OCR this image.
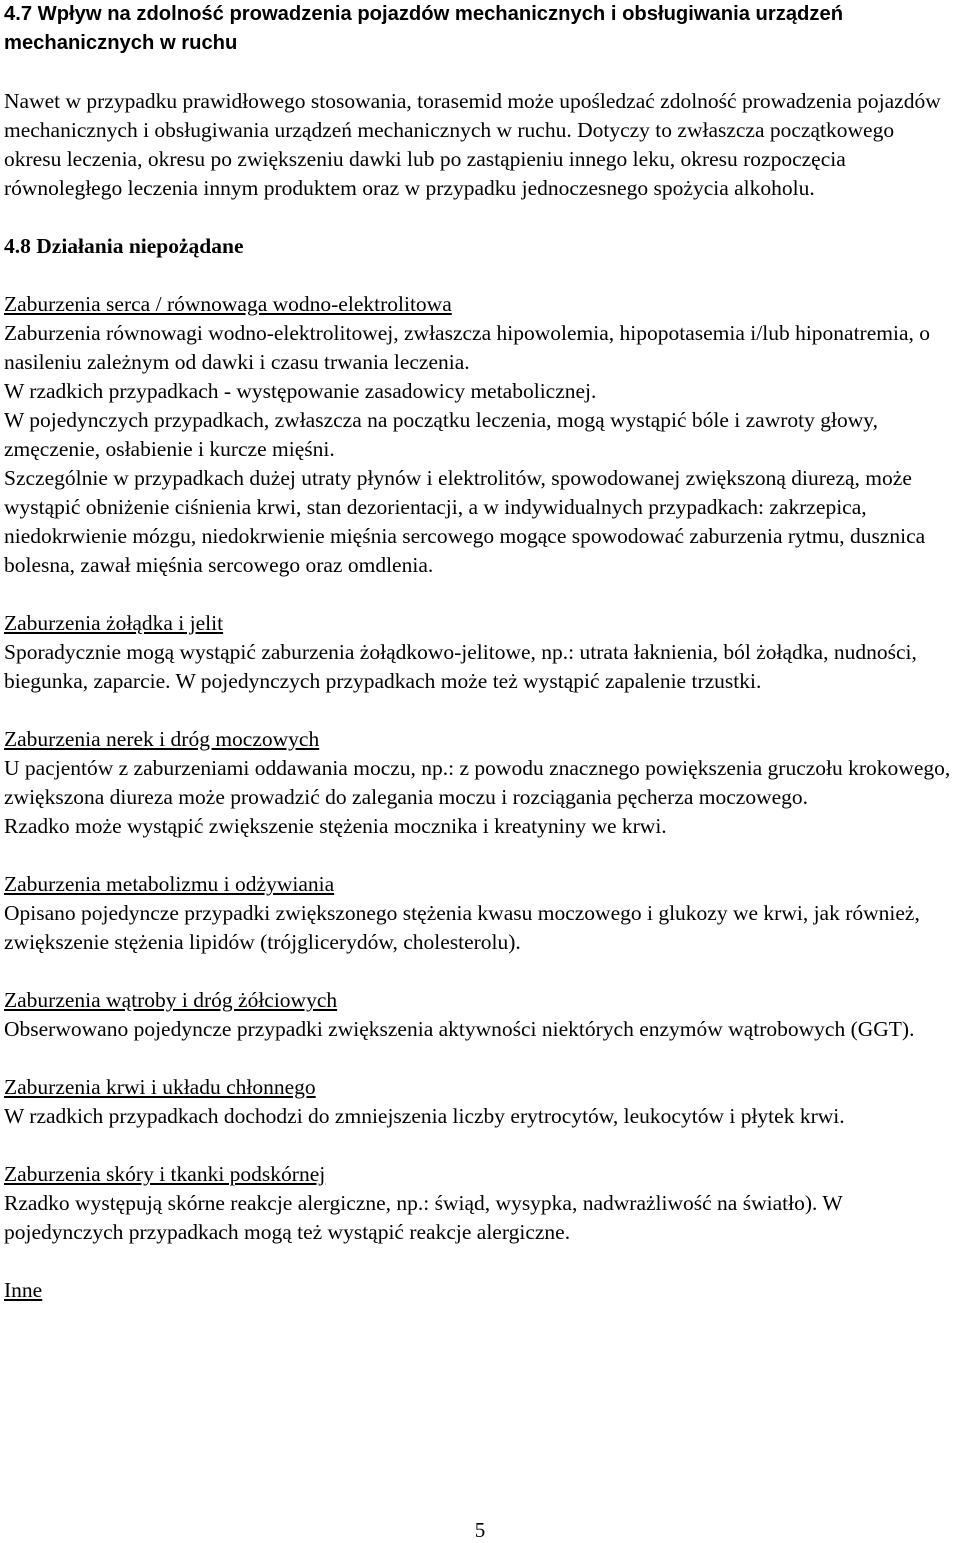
4.7 Wpływ na zdolność prowadzenia pojazdów mechanicznych i obsługiwania urządzeń mechanicznych w ruchu
Nawet w przypadku prawidłowego stosowania, torasemid może upośledzać zdolność prowadzenia pojazdów mechanicznych i obsługiwania urządzeń mechanicznych w ruchu. Dotyczy to zwłaszcza początkowego okresu leczenia, okresu po zwiększeniu dawki lub po zastąpieniu innego leku, okresu rozpoczęcia równoległego leczenia innym produktem oraz w przypadku jednoczesnego spożycia alkoholu.
4.8 Działania niepożądane
Zaburzenia serca / równowaga wodno-elektrolitowa
Zaburzenia równowagi wodno-elektrolitowej, zwłaszcza hipowolemia, hipopotasemia i/lub hiponatremia, o nasileniu zależnym od dawki i czasu trwania leczenia.
W rzadkich przypadkach - występowanie zasadowicy metabolicznej.
W pojedynczych przypadkach, zwłaszcza na początku leczenia, mogą wystąpić bóle i zawroty głowy, zmęczenie, osłabienie i kurcze mięśni.
Szczególnie w przypadkach dużej utraty płynów i elektrolitów, spowodowanej zwiększoną diurezą, może wystąpić obniżenie ciśnienia krwi, stan dezorientacji, a w indywidualnych przypadkach: zakrzepica, niedokrwienie mózgu, niedokrwienie mięśnia sercowego mogące spowodować zaburzenia rytmu, dusznica bolesna, zawał mięśnia sercowego oraz omdlenia.
Zaburzenia żołądka i jelit
Sporadycznie mogą wystąpić zaburzenia żołądkowo-jelitowe, np.: utrata łaknienia, ból żołądka, nudności, biegunka, zaparcie. W pojedynczych przypadkach może też wystąpić zapalenie trzustki.
Zaburzenia nerek i dróg moczowych
U pacjentów z zaburzeniami oddawania moczu, np.: z powodu znacznego powiększenia gruczołu krokowego, zwiększona diureza może prowadzić do zalegania moczu i rozciągania pęcherza moczowego.
Rzadko może wystąpić zwiększenie stężenia mocznika i kreatyniny we krwi.
Zaburzenia metabolizmu i odżywiania
Opisano pojedyncze przypadki zwiększonego stężenia kwasu moczowego i glukozy we krwi, jak również, zwiększenie stężenia lipidów (trójglicerydów, cholesterolu).
Zaburzenia wątroby i dróg żółciowych
Obserwowano pojedyncze przypadki zwiększenia aktywności niektórych enzymów wątrobowych (GGT).
Zaburzenia krwi i układu chłonnego
W rzadkich przypadkach dochodzi do zmniejszenia liczby erytrocytów, leukocytów i płytek krwi.
Zaburzenia skóry i tkanki podskórnej
Rzadko występują skórne reakcje alergiczne, np.: świąd, wysypka, nadwrażliwość na światło). W pojedynczych przypadkach mogą też wystąpić reakcje alergiczne.
Inne
5
